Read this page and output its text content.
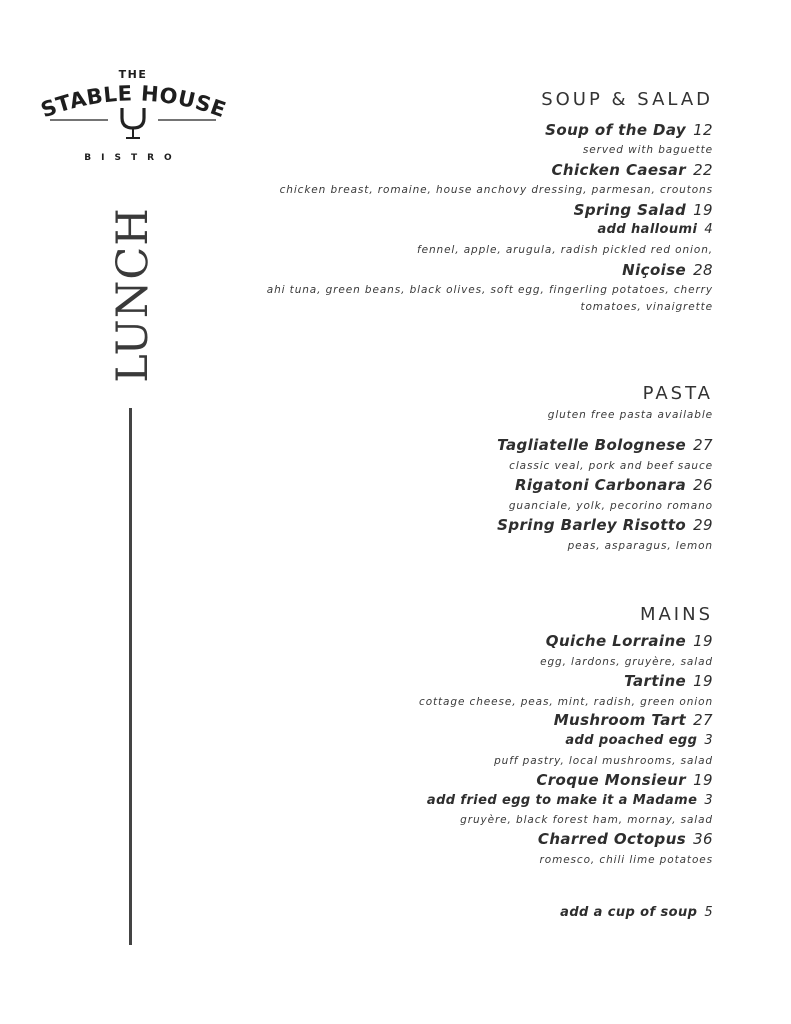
THE
STABLE HOUSE
BISTRO
LUNCH
SOUP & SALAD
Soup of the Day 12
served with baguette
Chicken Caesar 22
chicken breast, romaine, house anchovy dressing, parmesan, croutons
Spring Salad 19
add halloumi 4
fennel, apple, arugula, radish pickled red onion,
Niçoise 28
ahi tuna, green beans, black olives, soft egg, fingerling potatoes, cherry
tomatoes, vinaigrette
PASTA
gluten free pasta available
Tagliatelle Bolognese 27
classic veal, pork and beef sauce
Rigatoni Carbonara 26
guanciale, yolk, pecorino romano
Spring Barley Risotto 29
peas, asparagus, lemon
MAINS
Quiche Lorraine 19
egg, lardons, gruyère, salad
Tartine 19
cottage cheese, peas, mint, radish, green onion
Mushroom Tart 27
add poached egg 3
puff pastry, local mushrooms, salad
Croque Monsieur 19
add fried egg to make it a Madame 3
gruyère, black forest ham, mornay, salad
Charred Octopus 36
romesco, chili lime potatoes
add a cup of soup 5
